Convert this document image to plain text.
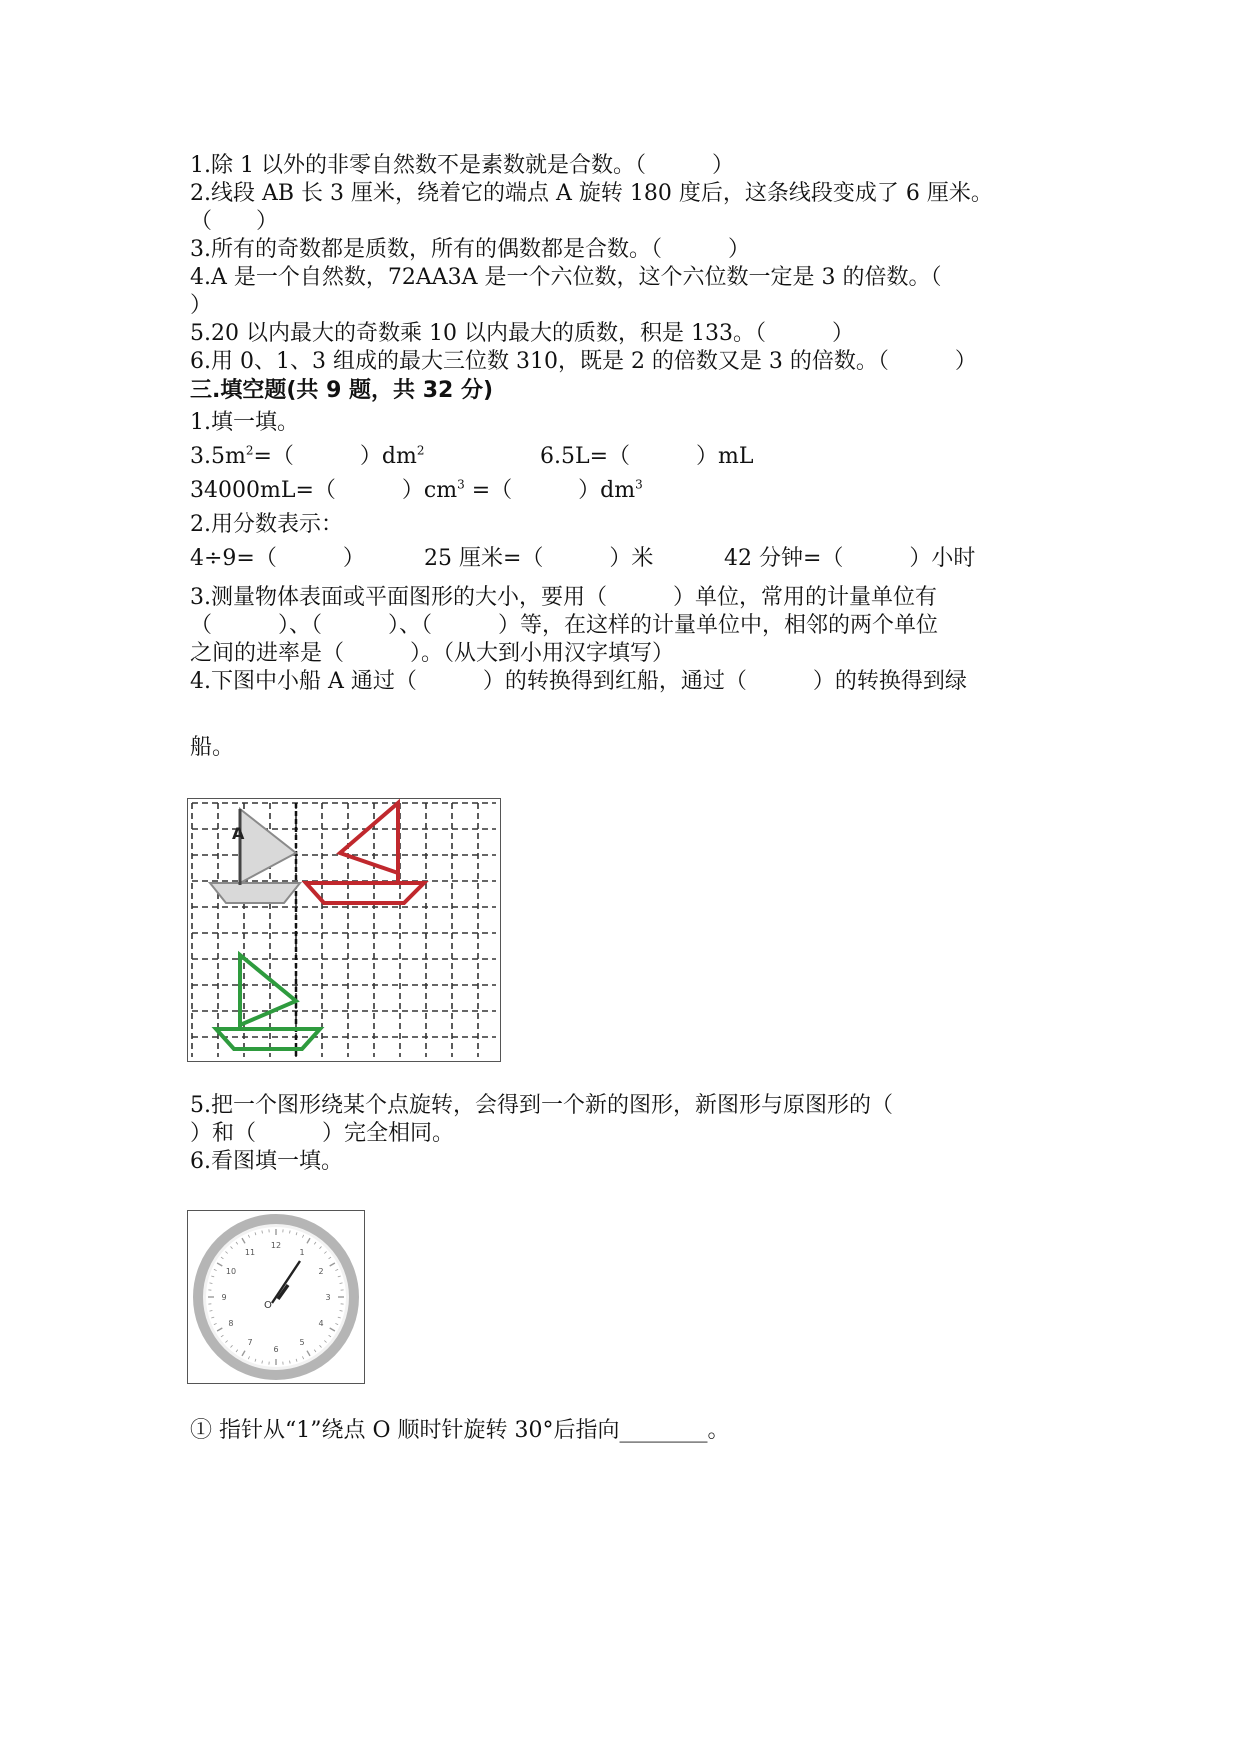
1.除 1 以外的非零自然数不是素数就是合数。（　　　）
2.线段 AB 长 3 厘米，绕着它的端点 A 旋转 180 度后，这条线段变成了 6 厘米。
（　　）
3.所有的奇数都是质数，所有的偶数都是合数。（　　　）
4.A 是一个自然数，72AA3A 是一个六位数，这个六位数一定是 3 的倍数。（
）
5.20 以内最大的奇数乘 10 以内最大的质数，积是 133。（　　　）
6.用 0、1、3 组成的最大三位数 310，既是 2 的倍数又是 3 的倍数。（　　　）
三.填空题(共 9 题，共 32 分)
1.填一填。
$3.5m^2=$（　　　）$dm^2$	6.5L=（　　　）mL
34000mL=（　　　）$cm^3$ =（　　　）$dm^3$
2.用分数表示：
4÷9=（　　　）	25 厘米=（　　　）米	42 分钟=（　　　）小时
3.测量物体表面或平面图形的大小，要用（　　　）单位，常用的计量单位有
（　　　）、（　　　）、（　　　）等，在这样的计量单位中，相邻的两个单位
之间的进率是（　　　）。（从大到小用汉字填写）
4.下图中小船 A 通过（　　　）的转换得到红船，通过（　　　）的转换得到绿
船。
A
5.把一个图形绕某个点旋转，会得到一个新的图形，新图形与原图形的（
）和（　　　）完全相同。
6.看图填一填。
12
1
2
3
4
5
6
7
8
9
10
11
O
① 指针从“1”绕点 O 顺时针旋转 30°后指向________。
